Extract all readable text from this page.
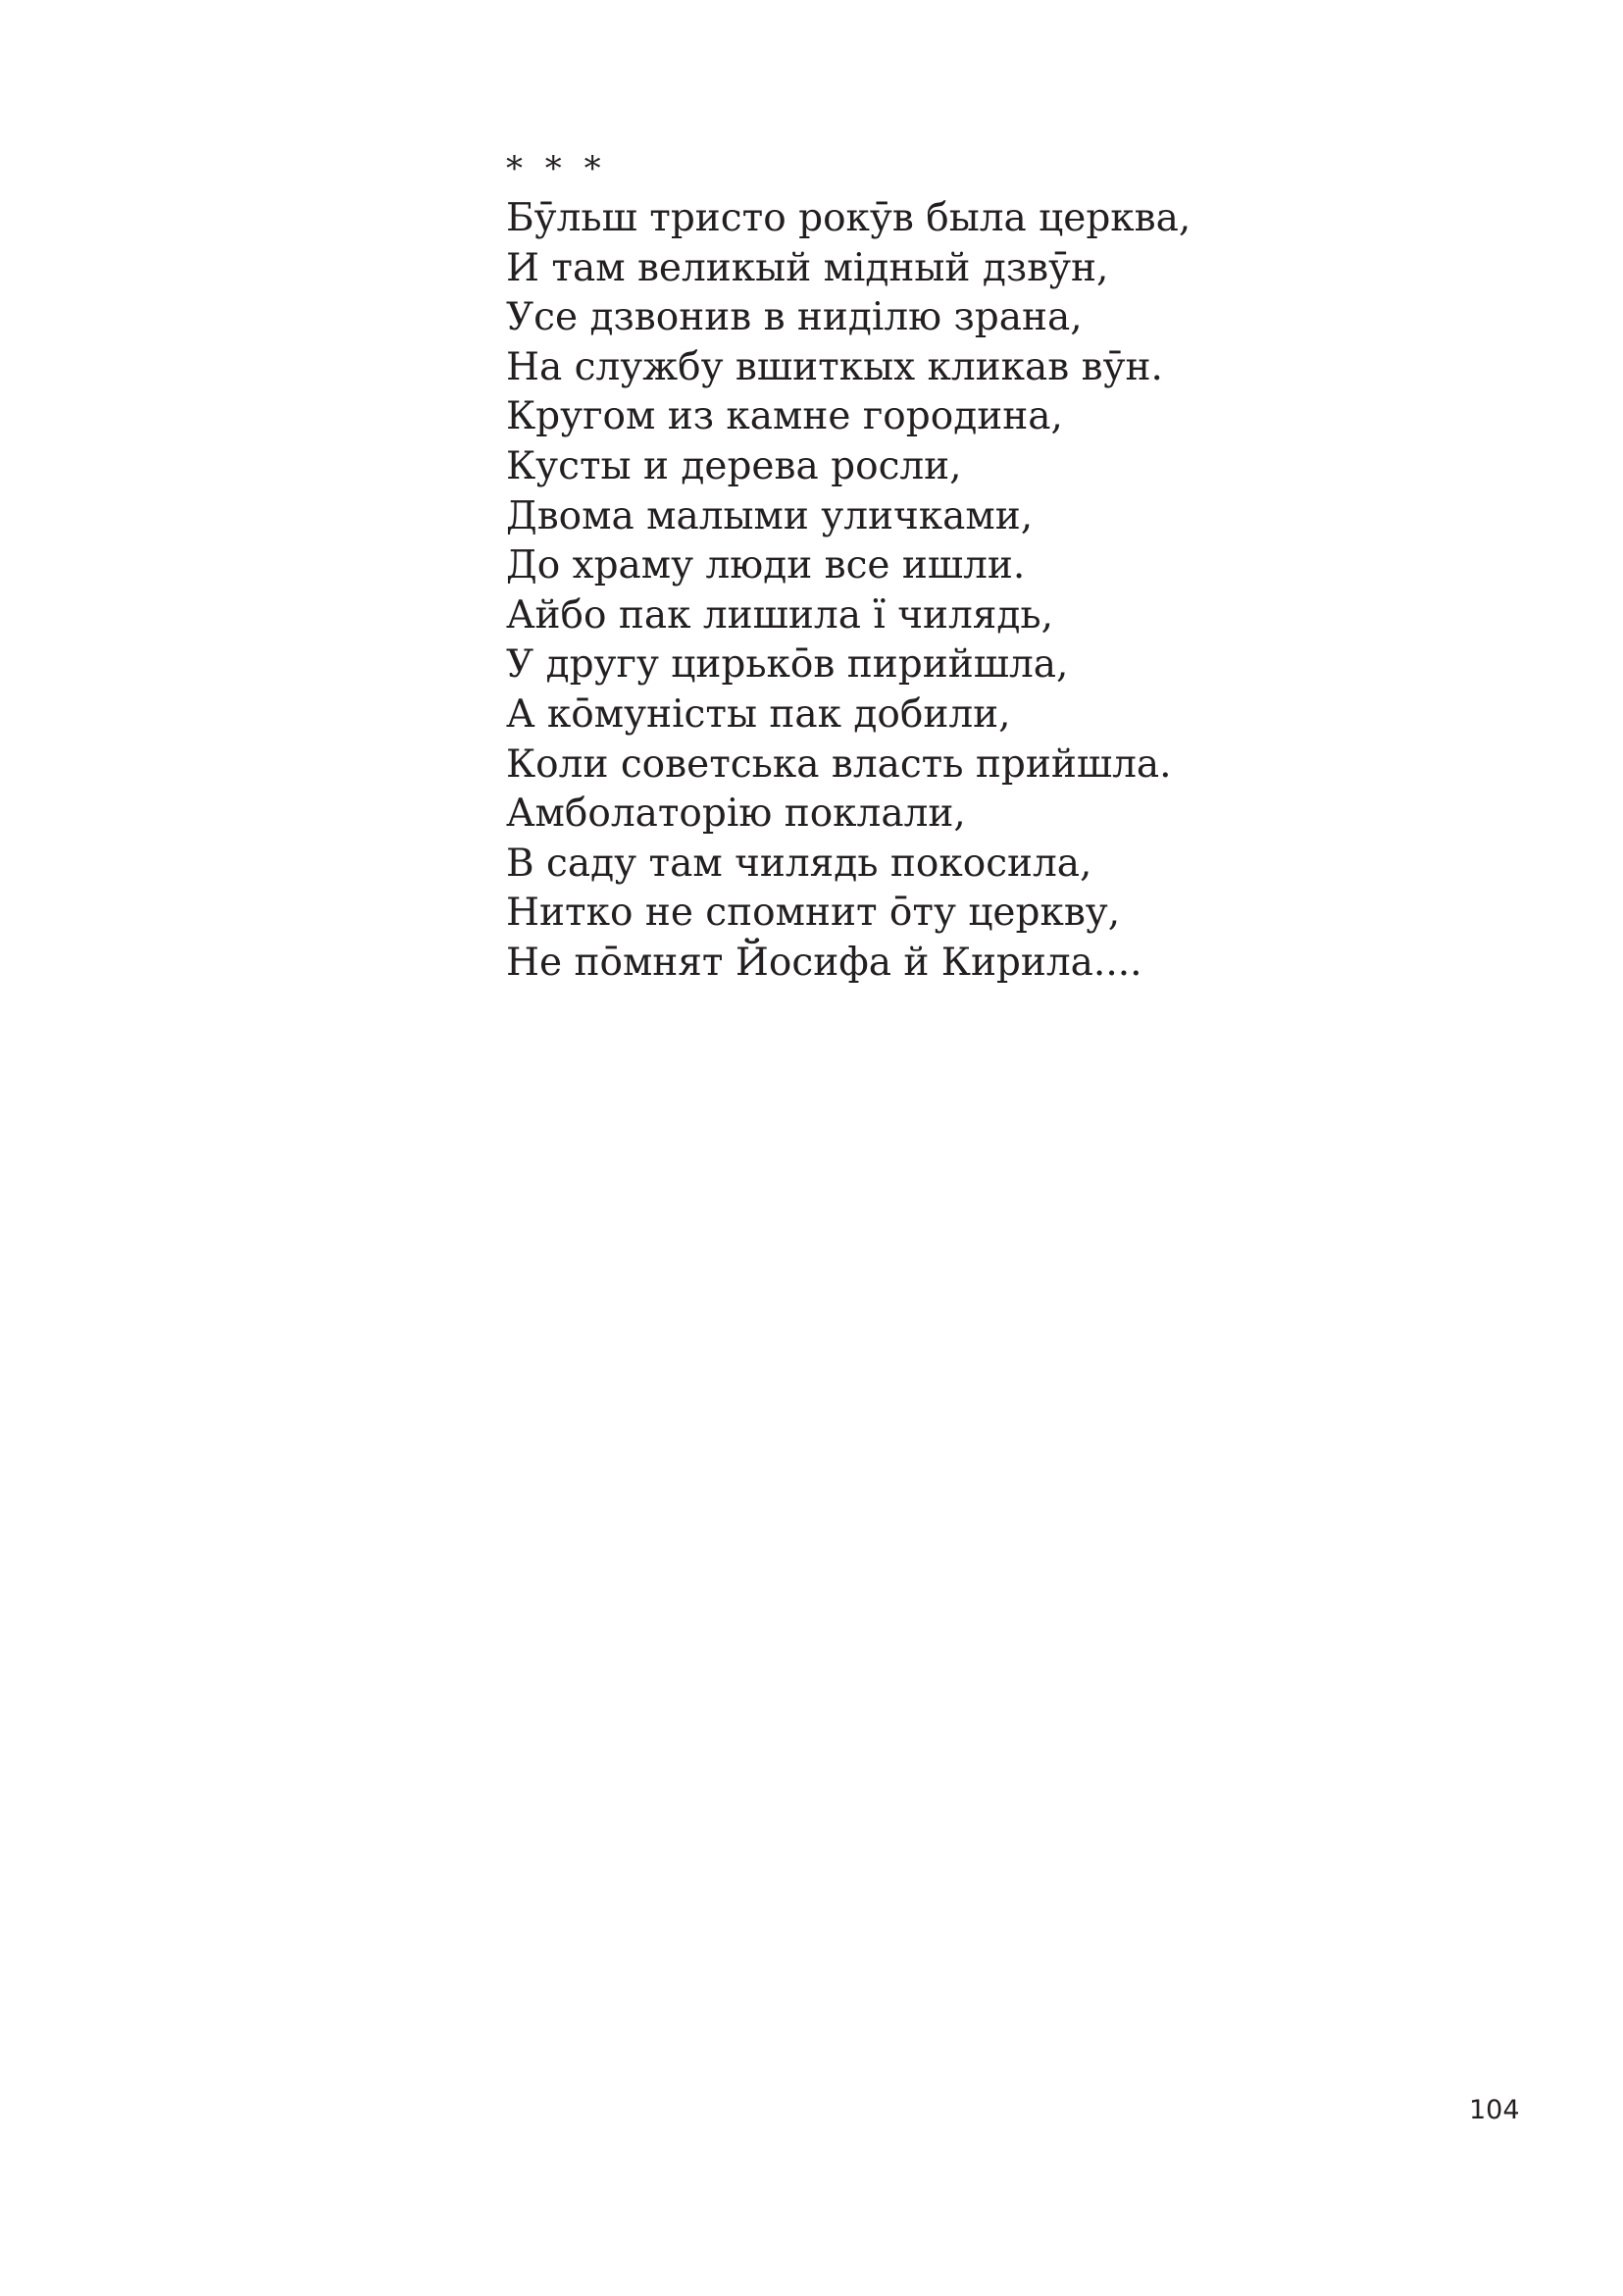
* * *
Бӯльш тристо рокӯв была церква,
И там великый мідный дзвӯн,
Усе дзвонив в ниділю зрана,
На службу вшиткых кликав вӯн.
Кругом из камне городина,
Кусты и дерева росли,
Двома малыми уличками,
До храму люди все ишли.
Айбо пак лишила ї чилядь,
У другу цирькōв пирийшла,
А кōмуністы пак добили,
Коли советська власть прийшла.
Амболаторію поклали,
В саду там чилядь покосила,
Нитко не спомнит ōту церкву,
Не пōмнят Йосифа й Кирила....
104
